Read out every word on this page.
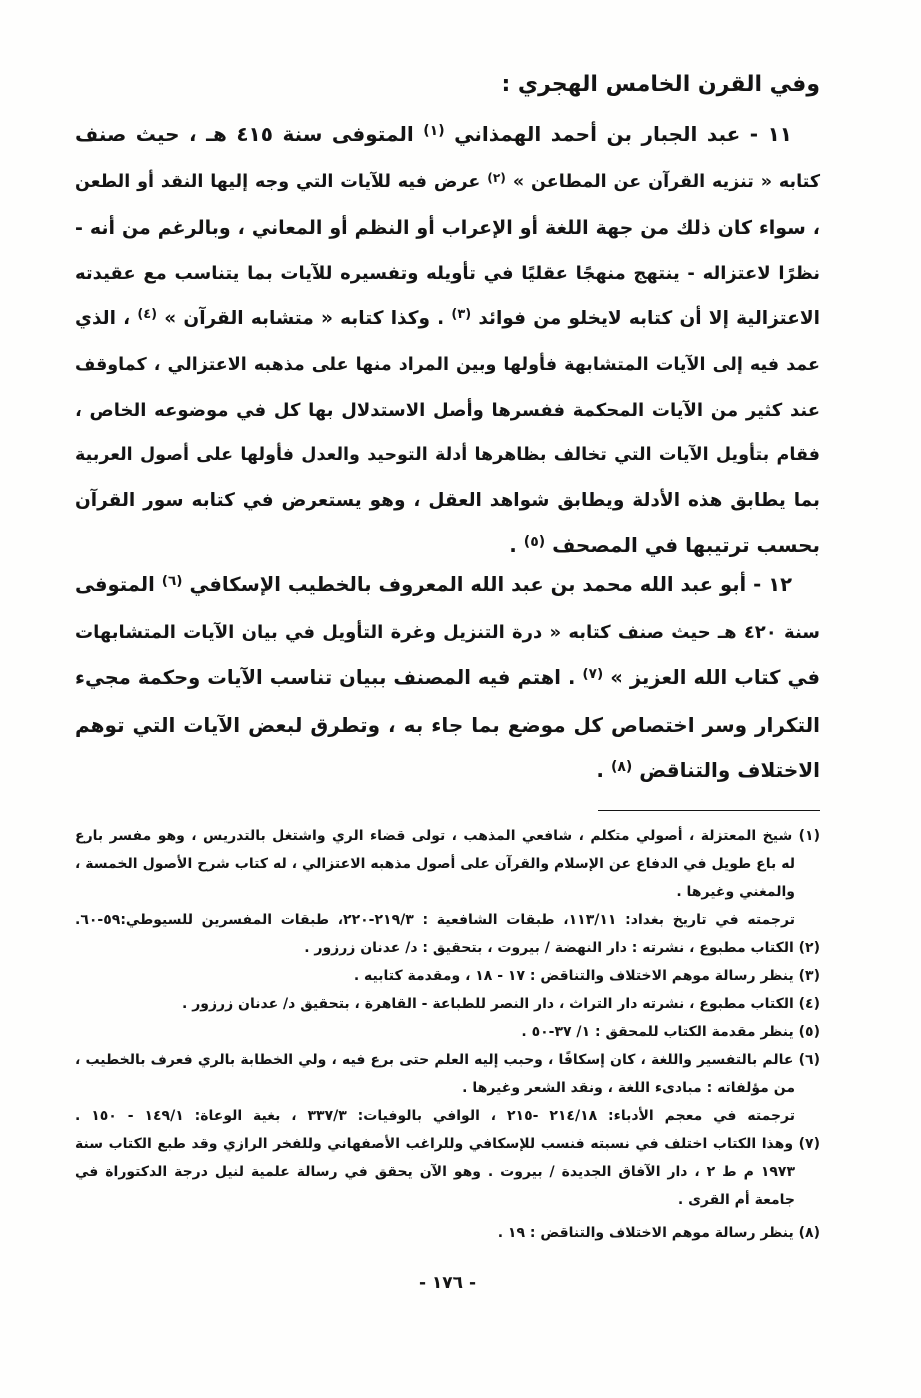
وفي القرن الخامس الهجري :
١١ - عبد الجبار بن أحمد الهمذاني $^{(١)}$ المتوفى سنة ٤١٥ هـ ، حيث صنف
كتابه « تنزيه القرآن عن المطاعن » $^{(٢)}$ عرض فيه للآيات التي وجه إليها النقد أو الطعن
، سواء كان ذلك من جهة اللغة أو الإعراب أو النظم أو المعاني ، وبالرغم من أنه -
نظرًا لاعتزاله - ينتهج منهجًا عقليًا في تأويله وتفسيره للآيات بما يتناسب مع عقيدته
الاعتزالية إلا أن كتابه لايخلو من فوائد $^{(٣)}$ . وكذا كتابه « متشابه القرآن » $^{(٤)}$ ، الذي
عمد فيه إلى الآيات المتشابهة فأولها وبين المراد منها على مذهبه الاعتزالي ، كماوقف
عند كثير من الآيات المحكمة ففسرها وأصل الاستدلال بها كل في موضوعه الخاص ،
فقام بتأويل الآيات التي تخالف بظاهرها أدلة التوحيد والعدل فأولها على أصول العربية
بما يطابق هذه الأدلة ويطابق شواهد العقل ، وهو يستعرض في كتابه سور القرآن
بحسب ترتيبها في المصحف $^{(٥)}$ .
١٢ - أبو عبد الله محمد بن عبد الله المعروف بالخطيب الإسكافي $^{(٦)}$ المتوفى
سنة ٤٢٠ هـ حيث صنف كتابه « درة التنزيل وغرة التأويل في بيان الآيات المتشابهات
في كتاب الله العزيز » $^{(٧)}$ . اهتم فيه المصنف ببيان تناسب الآيات وحكمة مجيء
التكرار وسر اختصاص كل موضع بما جاء به ، وتطرق لبعض الآيات التي توهم
الاختلاف والتناقض $^{(٨)}$ .
(١) شيخ المعتزلة ، أصولي متكلم ، شافعي المذهب ، تولى قضاء الري واشتغل بالتدريس ، وهو مفسر بارع
له باع طويل في الدفاع عن الإسلام والقرآن على أصول مذهبه الاعتزالي ، له كتاب شرح الأصول الخمسة ،
والمغني وغيرها .
ترجمته في تاريخ بغداد: ١١٣/١١، طبقات الشافعية : ٢١٩/٣-٢٢٠، طبقات المفسرين للسيوطي:٥٩-٦٠.
(٢) الكتاب مطبوع ، نشرته : دار النهضة / بيروت ، بتحقيق : د/ عدنان زرزور .
(٣) ينظر رسالة موهم الاختلاف والتناقض : ١٧ - ١٨ ، ومقدمة كتابيه .
(٤) الكتاب مطبوع ، نشرته دار التراث ، دار النصر للطباعة - القاهرة ، بتحقيق د/ عدنان زرزور .
(٥) ينظر مقدمة الكتاب للمحقق : ١/ ٣٧-٥٠ .
(٦) عالم بالتفسير واللغة ، كان إسكافًا ، وحبب إليه العلم حتى برع فيه ، ولي الخطابة بالري فعرف بالخطيب ،
من مؤلفاته : مبادىء اللغة ، ونقد الشعر وغيرها .
ترجمته في معجم الأدباء: ٢١٤/١٨ -٢١٥ ، الوافي بالوفيات: ٣٣٧/٣ ، بغية الوعاة: ١٤٩/١ - ١٥٠ .
(٧) وهذا الكتاب اختلف في نسبته فنسب للإسكافي وللراغب الأصفهاني وللفخر الرازي وقد طبع الكتاب سنة
١٩٧٣ م ط ٢ ، دار الآفاق الجديدة / بيروت . وهو الآن يحقق في رسالة علمية لنيل درجة الدكتوراة في
جامعة أم القرى .
(٨) ينظر رسالة موهم الاختلاف والتناقض : ١٩ .
- ١٧٦ -
